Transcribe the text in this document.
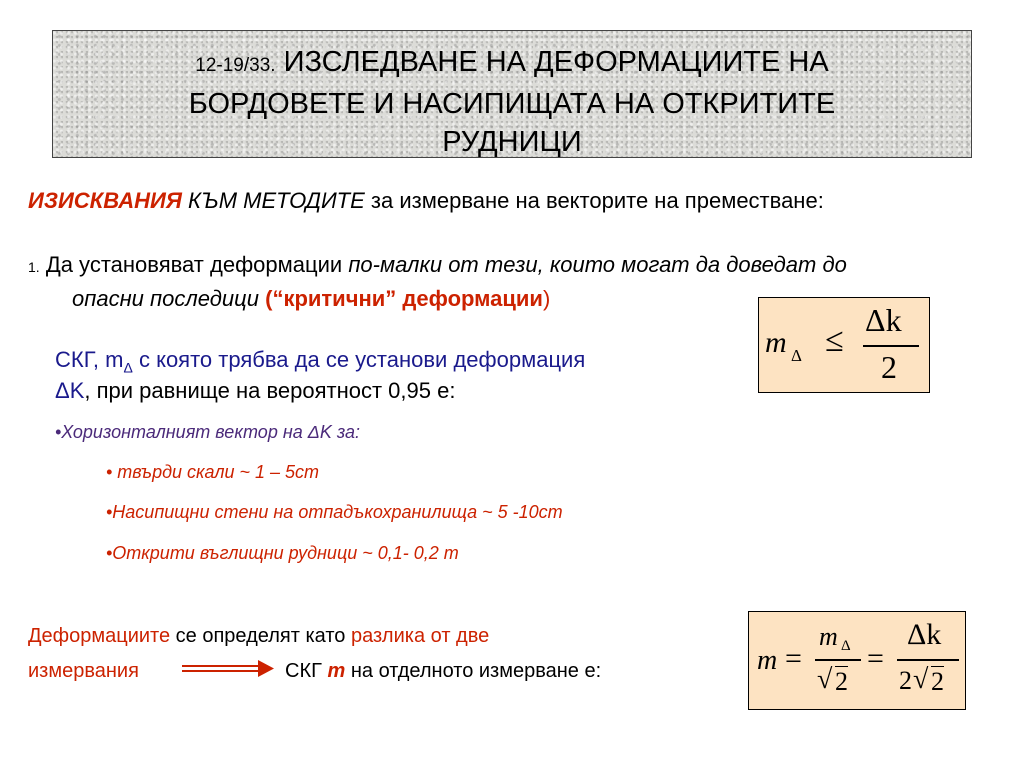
12-19/33. ИЗСЛЕДВАНЕ НА ДЕФОРМАЦИИТЕ НА
БОРДОВЕТЕ И НАСИПИЩАТА НА ОТКРИТИТЕ
РУДНИЦИ
ИЗИСКВАНИЯ КЪМ МЕТОДИТЕ за измерване на векторите на преместване:
1. Да установяват деформации по-малки от тези, които могат да доведат до
опасни последици (“критични” деформации)
СКГ, $m_\Delta$ с която трябва да се установи деформация
ΔK, при равнище на вероятност 0,95 е:
•Хоризонталният вектор на ΔK за:
• твърди скали ~ 1 – 5cm
•Насипищни стени на отпадъкохранилища ~ 5 -10cm
•Открити въглищни рудници ~ 0,1- 0,2 m
Деформациите се определят като разлика от две
измервания	СКГ m на отделното измерване е:
m Δ ≤
Δk
2
m =
m Δ
√ 2
=
Δk
2 √ 2
